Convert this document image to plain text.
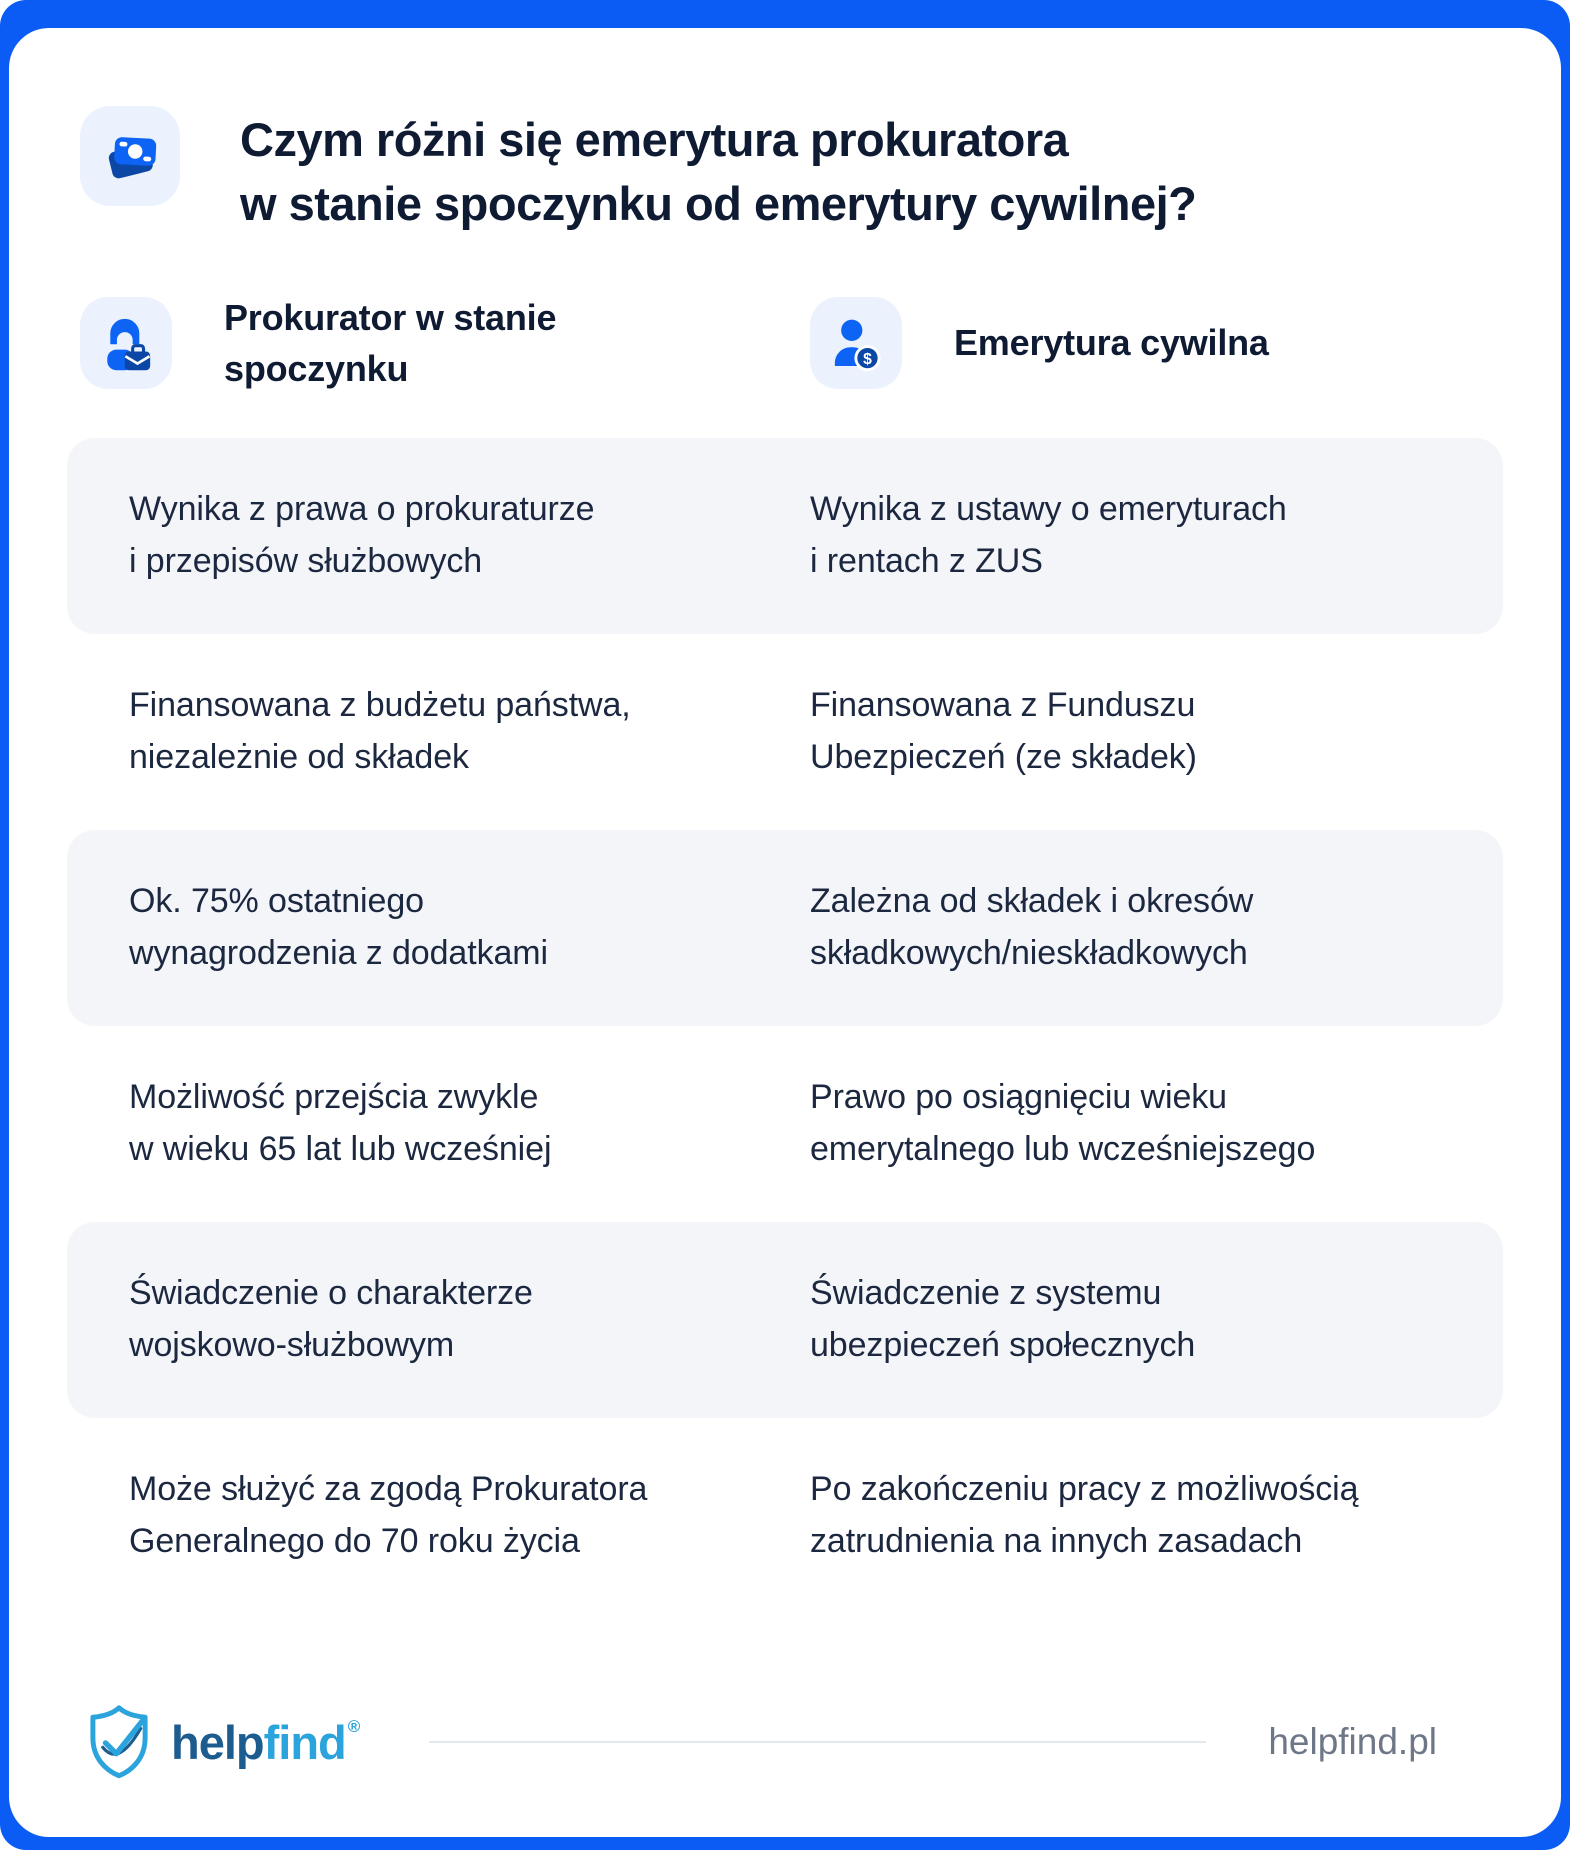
Czym różni się emerytura prokuratora
w stanie spoczynku od emerytury cywilnej?
Prokurator w stanie
spoczynku	$ Emerytura cywilna
Wynika z prawa o prokuraturze
i przepisów służbowych
Wynika z ustawy o emeryturach
i rentach z ZUS
Finansowana z budżetu państwa,
niezależnie od składek
Finansowana z Funduszu
Ubezpieczeń (ze składek)
Ok. 75% ostatniego
wynagrodzenia z dodatkami
Zależna od składek i okresów
składkowych/nieskładkowych
Możliwość przejścia zwykle
w wieku 65 lat lub wcześniej
Prawo po osiągnięciu wieku
emerytalnego lub wcześniejszego
Świadczenie o charakterze
wojskowo-służbowym
Świadczenie z systemu
ubezpieczeń społecznych
Może służyć za zgodą Prokuratora
Generalnego do 70 roku życia
Po zakończeniu pracy z możliwością
zatrudnienia na innych zasadach
help find ®	helpfind.pl
